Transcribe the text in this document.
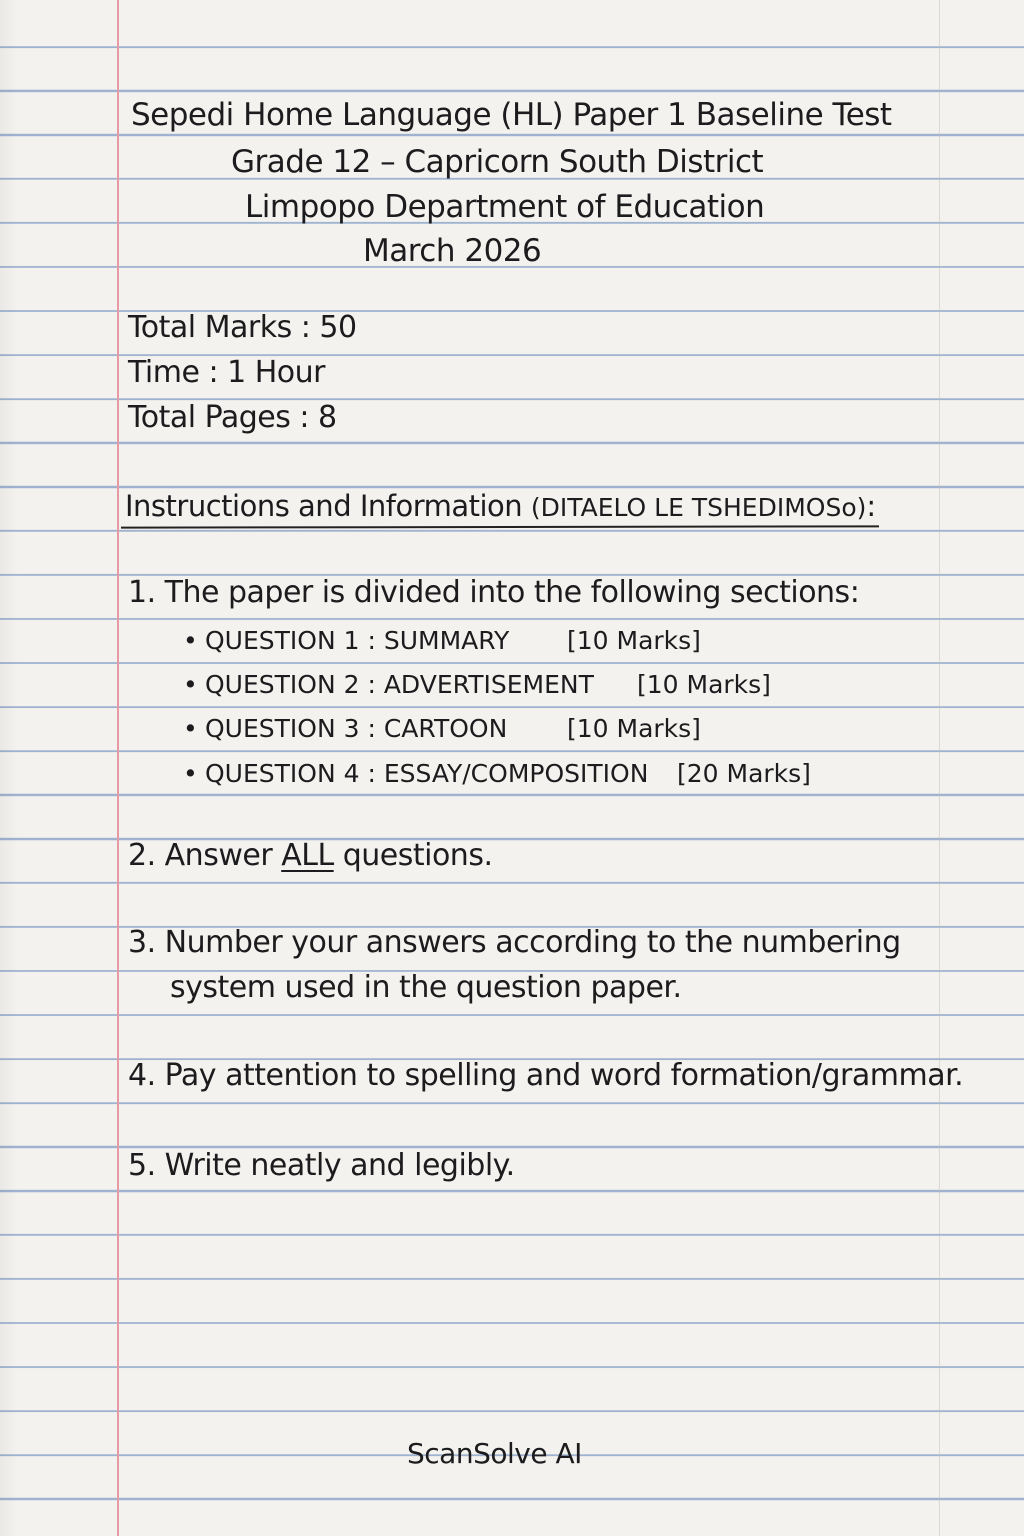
Sepedi Home Language (HL) Paper 1 Baseline Test

Grade 12 – Capricorn South District

Limpopo Department of Education

March 2026

Total Marks : 50

Time : 1 Hour

Total Pages : 8

Instructions and Information (DITAELO LE TSHEDIMOSo):

1. The paper is divided into the following sections:

• QUESTION 1 : SUMMARY [10 Marks]

• QUESTION 2 : ADVERTISEMENT [10 Marks]

• QUESTION 3 : CARTOON [10 Marks]

• QUESTION 4 : ESSAY/COMPOSITION [20 Marks]

2. Answer ALL questions.

3. Number your answers according to the numbering

system used in the question paper.

4. Pay attention to spelling and word formation/grammar.

5. Write neatly and legibly.

ScanSolve AI
